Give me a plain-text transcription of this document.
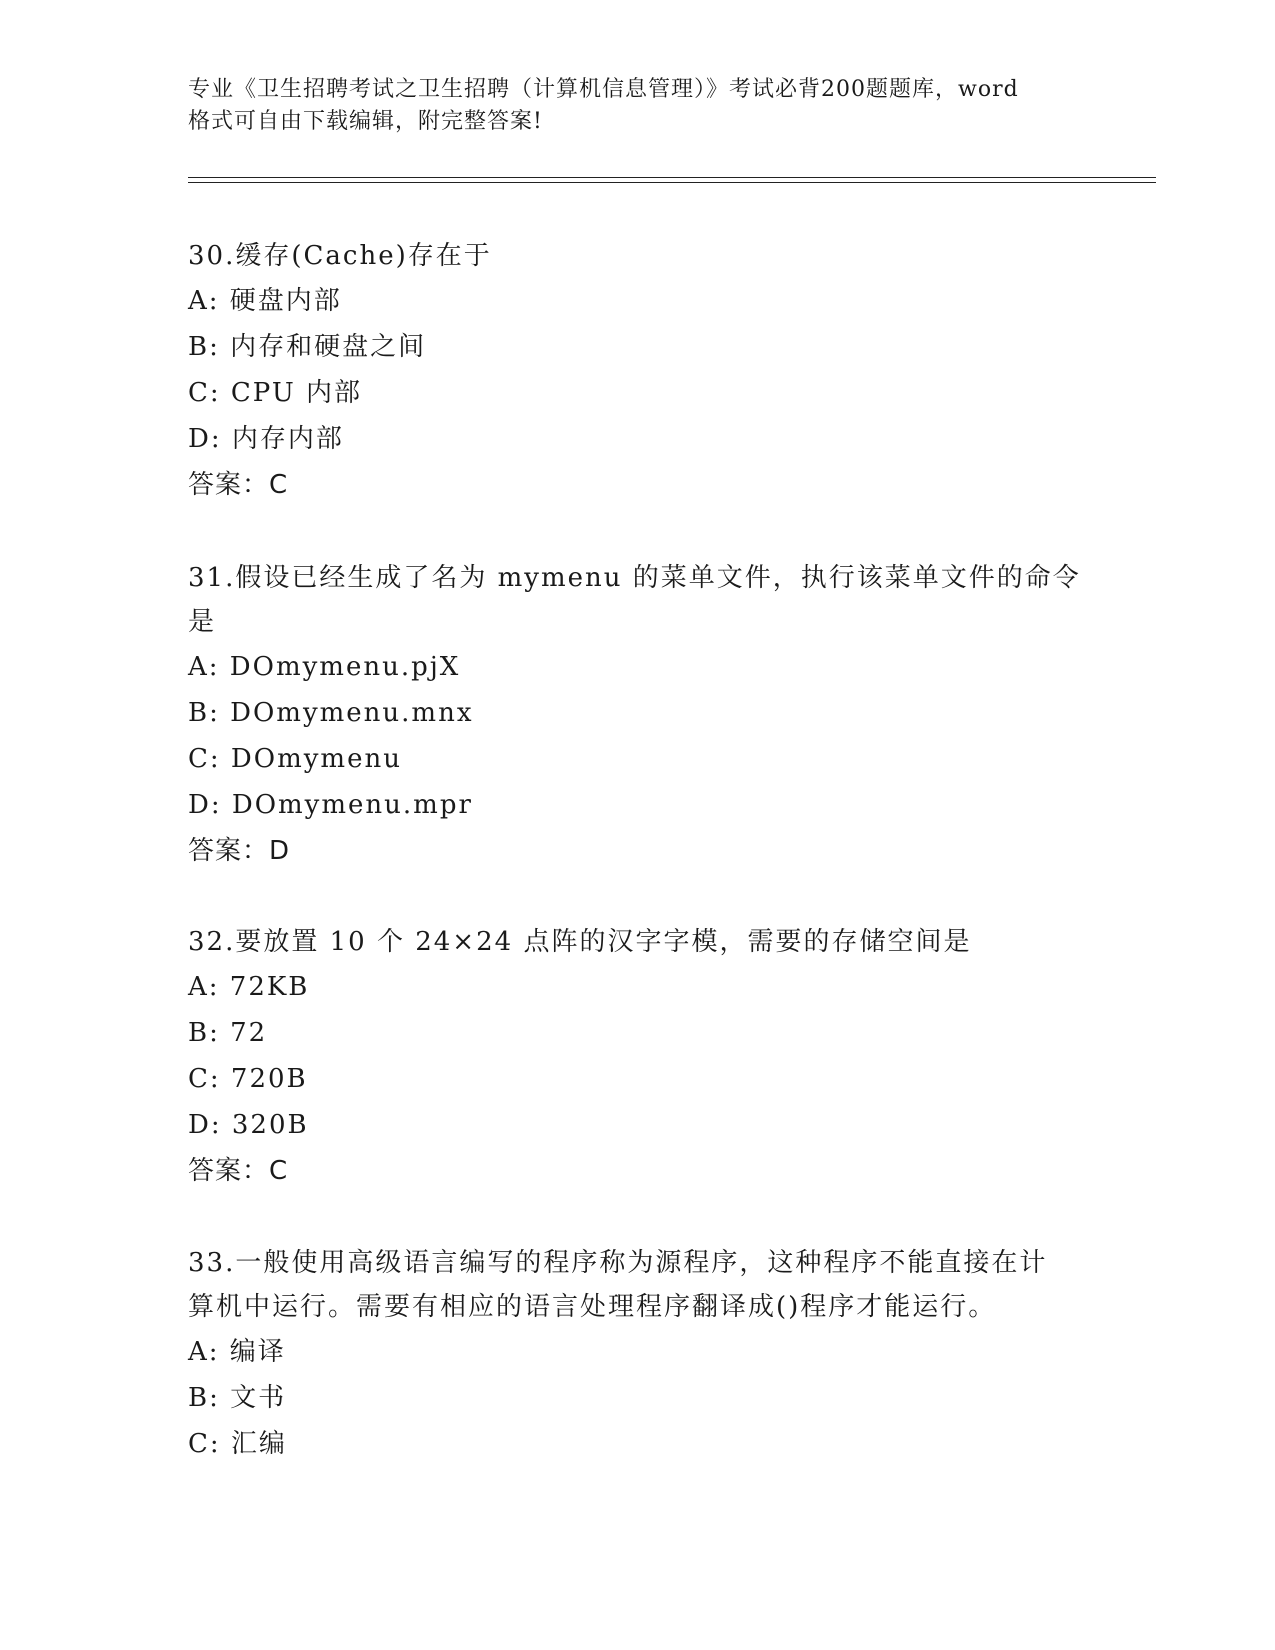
专业《卫生招聘考试之卫生招聘（计算机信息管理）》考试必背200题题库，word
格式可自由下载编辑，附完整答案!
30.缓存(Cache)存在于
A: 硬盘内部
B: 内存和硬盘之间
C: CPU 内部
D: 内存内部
答案：C
31.假设已经生成了名为 mymenu 的菜单文件，执行该菜单文件的命令
是
A: DOmymenu.pjX
B: DOmymenu.mnx
C: DOmymenu
D: DOmymenu.mpr
答案：D
32.要放置 10 个 24×24 点阵的汉字字模，需要的存储空间是
A: 72KB
B: 72
C: 720B
D: 320B
答案：C
33.一般使用高级语言编写的程序称为源程序，这种程序不能直接在计
算机中运行。需要有相应的语言处理程序翻译成()程序才能运行。
A: 编译
B: 文书
C: 汇编
